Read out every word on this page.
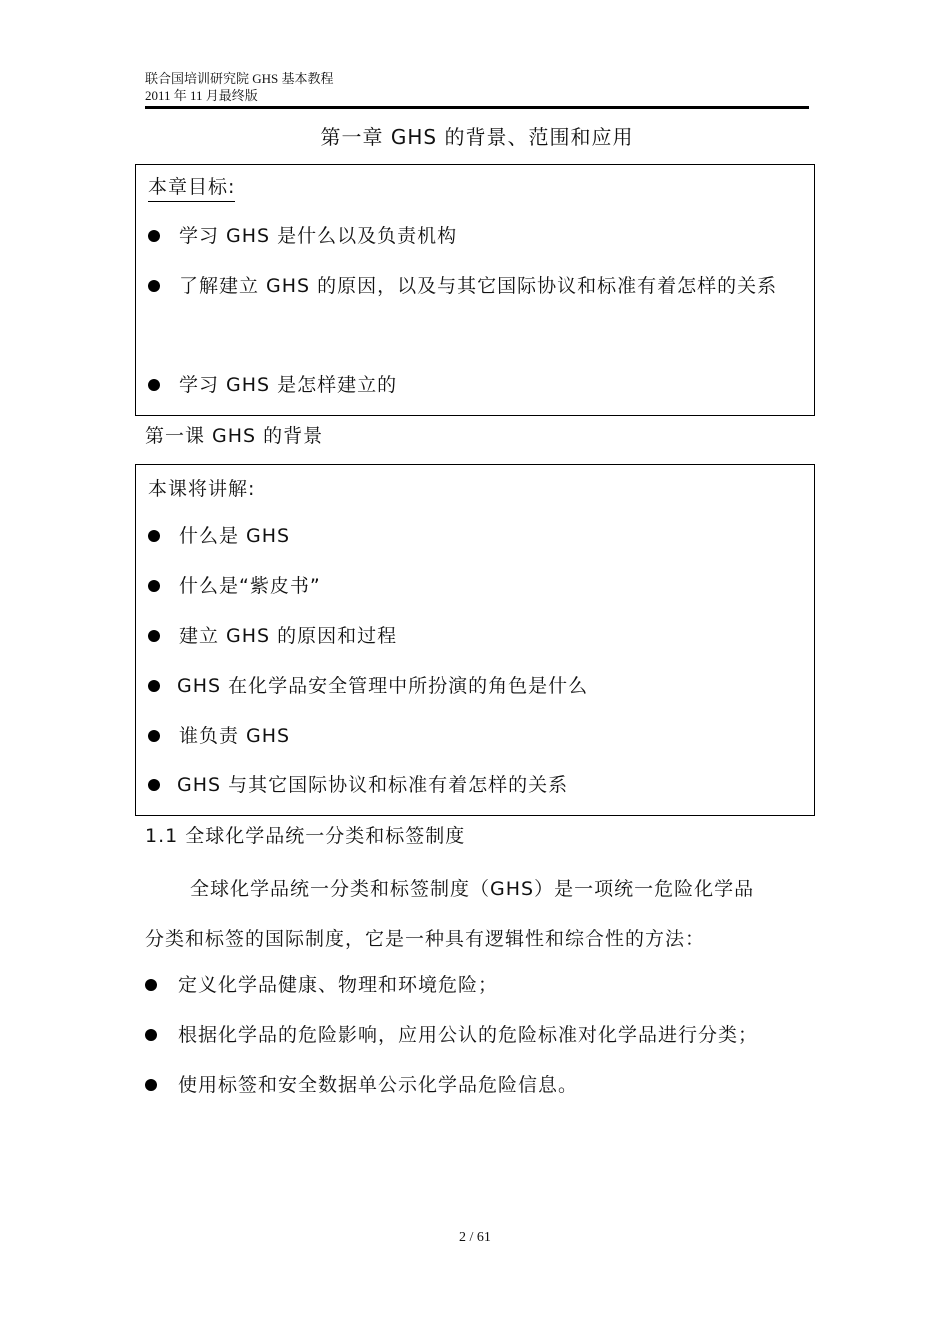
联合国培训研究院 GHS 基本教程
2011 年 11 月最终版
第一章 GHS 的背景、范围和应用
本章目标:
学习 GHS 是什么以及负责机构
了解建立 GHS 的原因，以及与其它国际协议和标准有着怎样的关系
学习 GHS 是怎样建立的
第一课 GHS 的背景
本课将讲解:
什么是 GHS
什么是“紫皮书”
建立 GHS 的原因和过程
GHS 在化学品安全管理中所扮演的角色是什么
谁负责 GHS
GHS 与其它国际协议和标准有着怎样的关系
1.1 全球化学品统一分类和标签制度
全球化学品统一分类和标签制度（GHS）是一项统一危险化学品
分类和标签的国际制度，它是一种具有逻辑性和综合性的方法：
定义化学品健康、物理和环境危险；
根据化学品的危险影响，应用公认的危险标准对化学品进行分类；
使用标签和安全数据单公示化学品危险信息。
2 / 61
